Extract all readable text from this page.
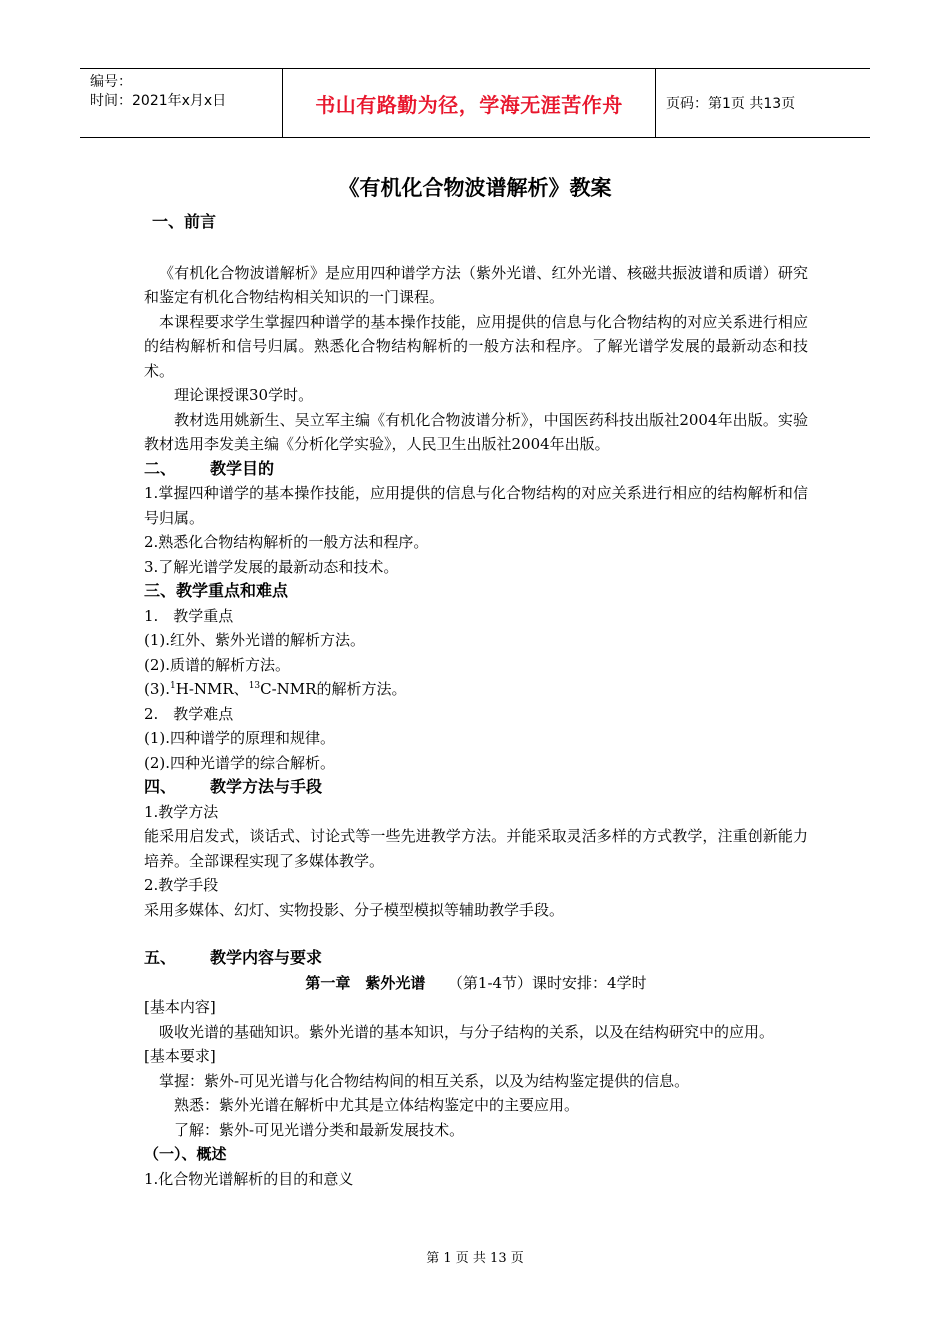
编号：
时间：2021年x月x日	书山有路勤为径，学海无涯苦作舟	页码：第1页 共13页
《有机化合物波谱解析》教案
一、前言
《有机化合物波谱解析》是应用四种谱学方法（紫外光谱、红外光谱、核磁共振波谱和质谱）研究和鉴定有机化合物结构相关知识的一门课程。
本课程要求学生掌握四种谱学的基本操作技能，应用提供的信息与化合物结构的对应关系进行相应的结构解析和信号归属。熟悉化合物结构解析的一般方法和程序。了解光谱学发展的最新动态和技术。
理论课授课30学时。
教材选用姚新生、吴立军主编《有机化合物波谱分析》，中国医药科技出版社2004年出版。实验教材选用李发美主编《分析化学实验》，人民卫生出版社2004年出版。
二、 教学目的
1.掌握四种谱学的基本操作技能，应用提供的信息与化合物结构的对应关系进行相应的结构解析和信号归属。
2.熟悉化合物结构解析的一般方法和程序。
3.了解光谱学发展的最新动态和技术。
三、教学重点和难点
1.　教学重点
(1).红外、紫外光谱的解析方法。
(2).质谱的解析方法。
(3).$^1$H-NMR、$^{13}$C-NMR的解析方法。
2.　教学难点
(1).四种谱学的原理和规律。
(2).四种光谱学的综合解析。
四、 教学方法与手段
1.教学方法
能采用启发式，谈话式、讨论式等一些先进教学方法。并能采取灵活多样的方式教学，注重创新能力培养。全部课程实现了多媒体教学。
2.教学手段
采用多媒体、幻灯、实物投影、分子模型模拟等辅助教学手段。
五、 教学内容与要求
第一章　紫外光谱　　 （第1-4节）课时安排：4学时
[基本内容]
吸收光谱的基础知识。紫外光谱的基本知识，与分子结构的关系，以及在结构研究中的应用。
[基本要求]
掌握：紫外-可见光谱与化合物结构间的相互关系，以及为结构鉴定提供的信息。
熟悉：紫外光谱在解析中尤其是立体结构鉴定中的主要应用。
了解：紫外-可见光谱分类和最新发展技术。
（一）、概述
1.化合物光谱解析的目的和意义
第 1 页 共 13 页
